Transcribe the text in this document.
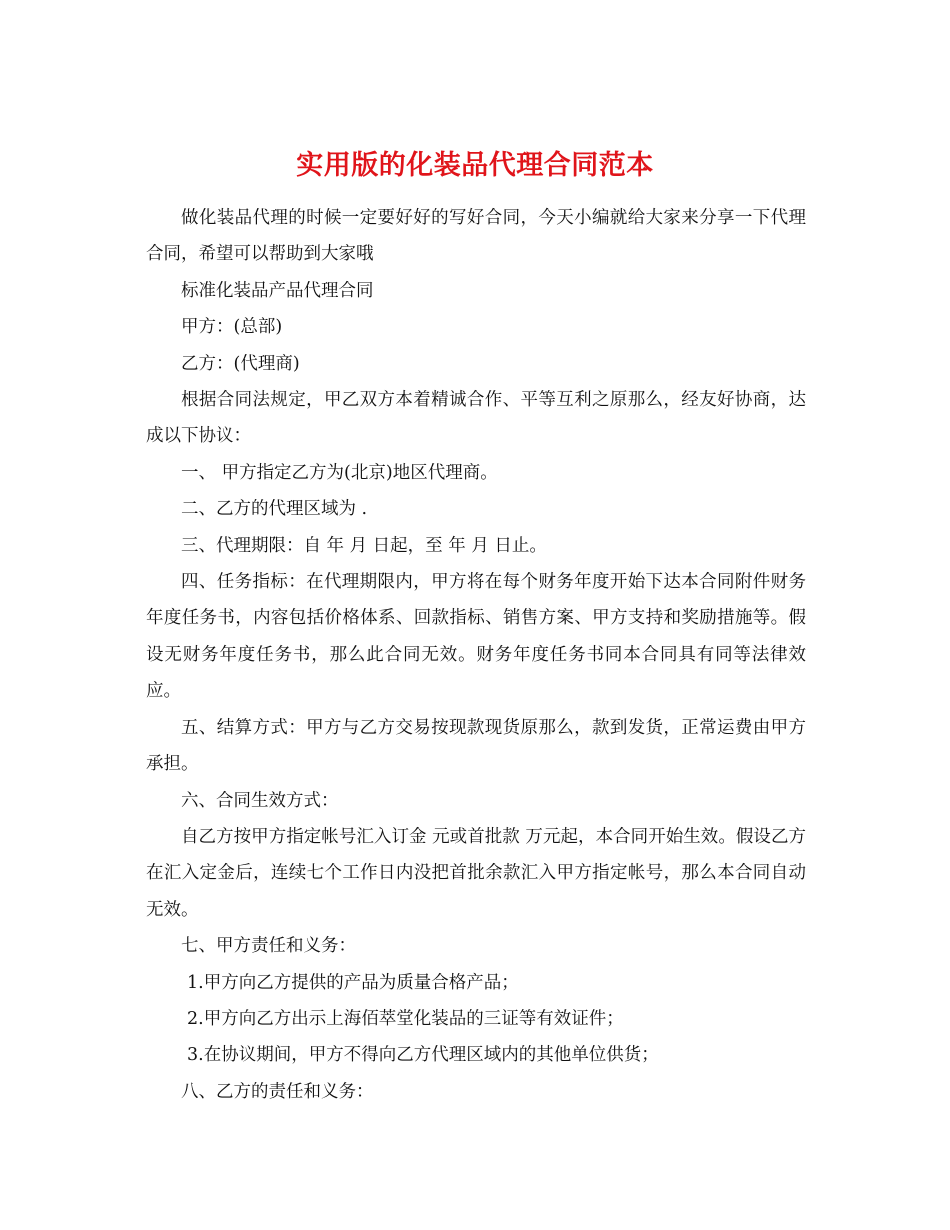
实用版的化装品代理合同范本

做化装品代理的时候一定要好好的写好合同，今天小编就给大家来分享一下代理合同，希望可以帮助到大家哦

标准化装品产品代理合同

甲方：(总部)

乙方：(代理商)

根据合同法规定，甲乙双方本着精诚合作、平等互利之原那么，经友好协商，达成以下协议：

一、 甲方指定乙方为(北京)地区代理商。

二、乙方的代理区域为 .

三、代理期限：自 年 月 日起，至 年 月 日止。

四、任务指标：在代理期限内，甲方将在每个财务年度开始下达本合同附件财务年度任务书，内容包括价格体系、回款指标、销售方案、甲方支持和奖励措施等。假设无财务年度任务书，那么此合同无效。财务年度任务书同本合同具有同等法律效应。

五、结算方式：甲方与乙方交易按现款现货原那么，款到发货，正常运费由甲方承担。

六、合同生效方式：

自乙方按甲方指定帐号汇入订金 元或首批款 万元起，本合同开始生效。假设乙方在汇入定金后，连续七个工作日内没把首批余款汇入甲方指定帐号，那么本合同自动无效。

七、甲方责任和义务：

1.甲方向乙方提供的产品为质量合格产品；

2.甲方向乙方出示上海佰萃堂化装品的三证等有效证件；

3.在协议期间，甲方不得向乙方代理区域内的其他单位供货；

八、乙方的责任和义务：
